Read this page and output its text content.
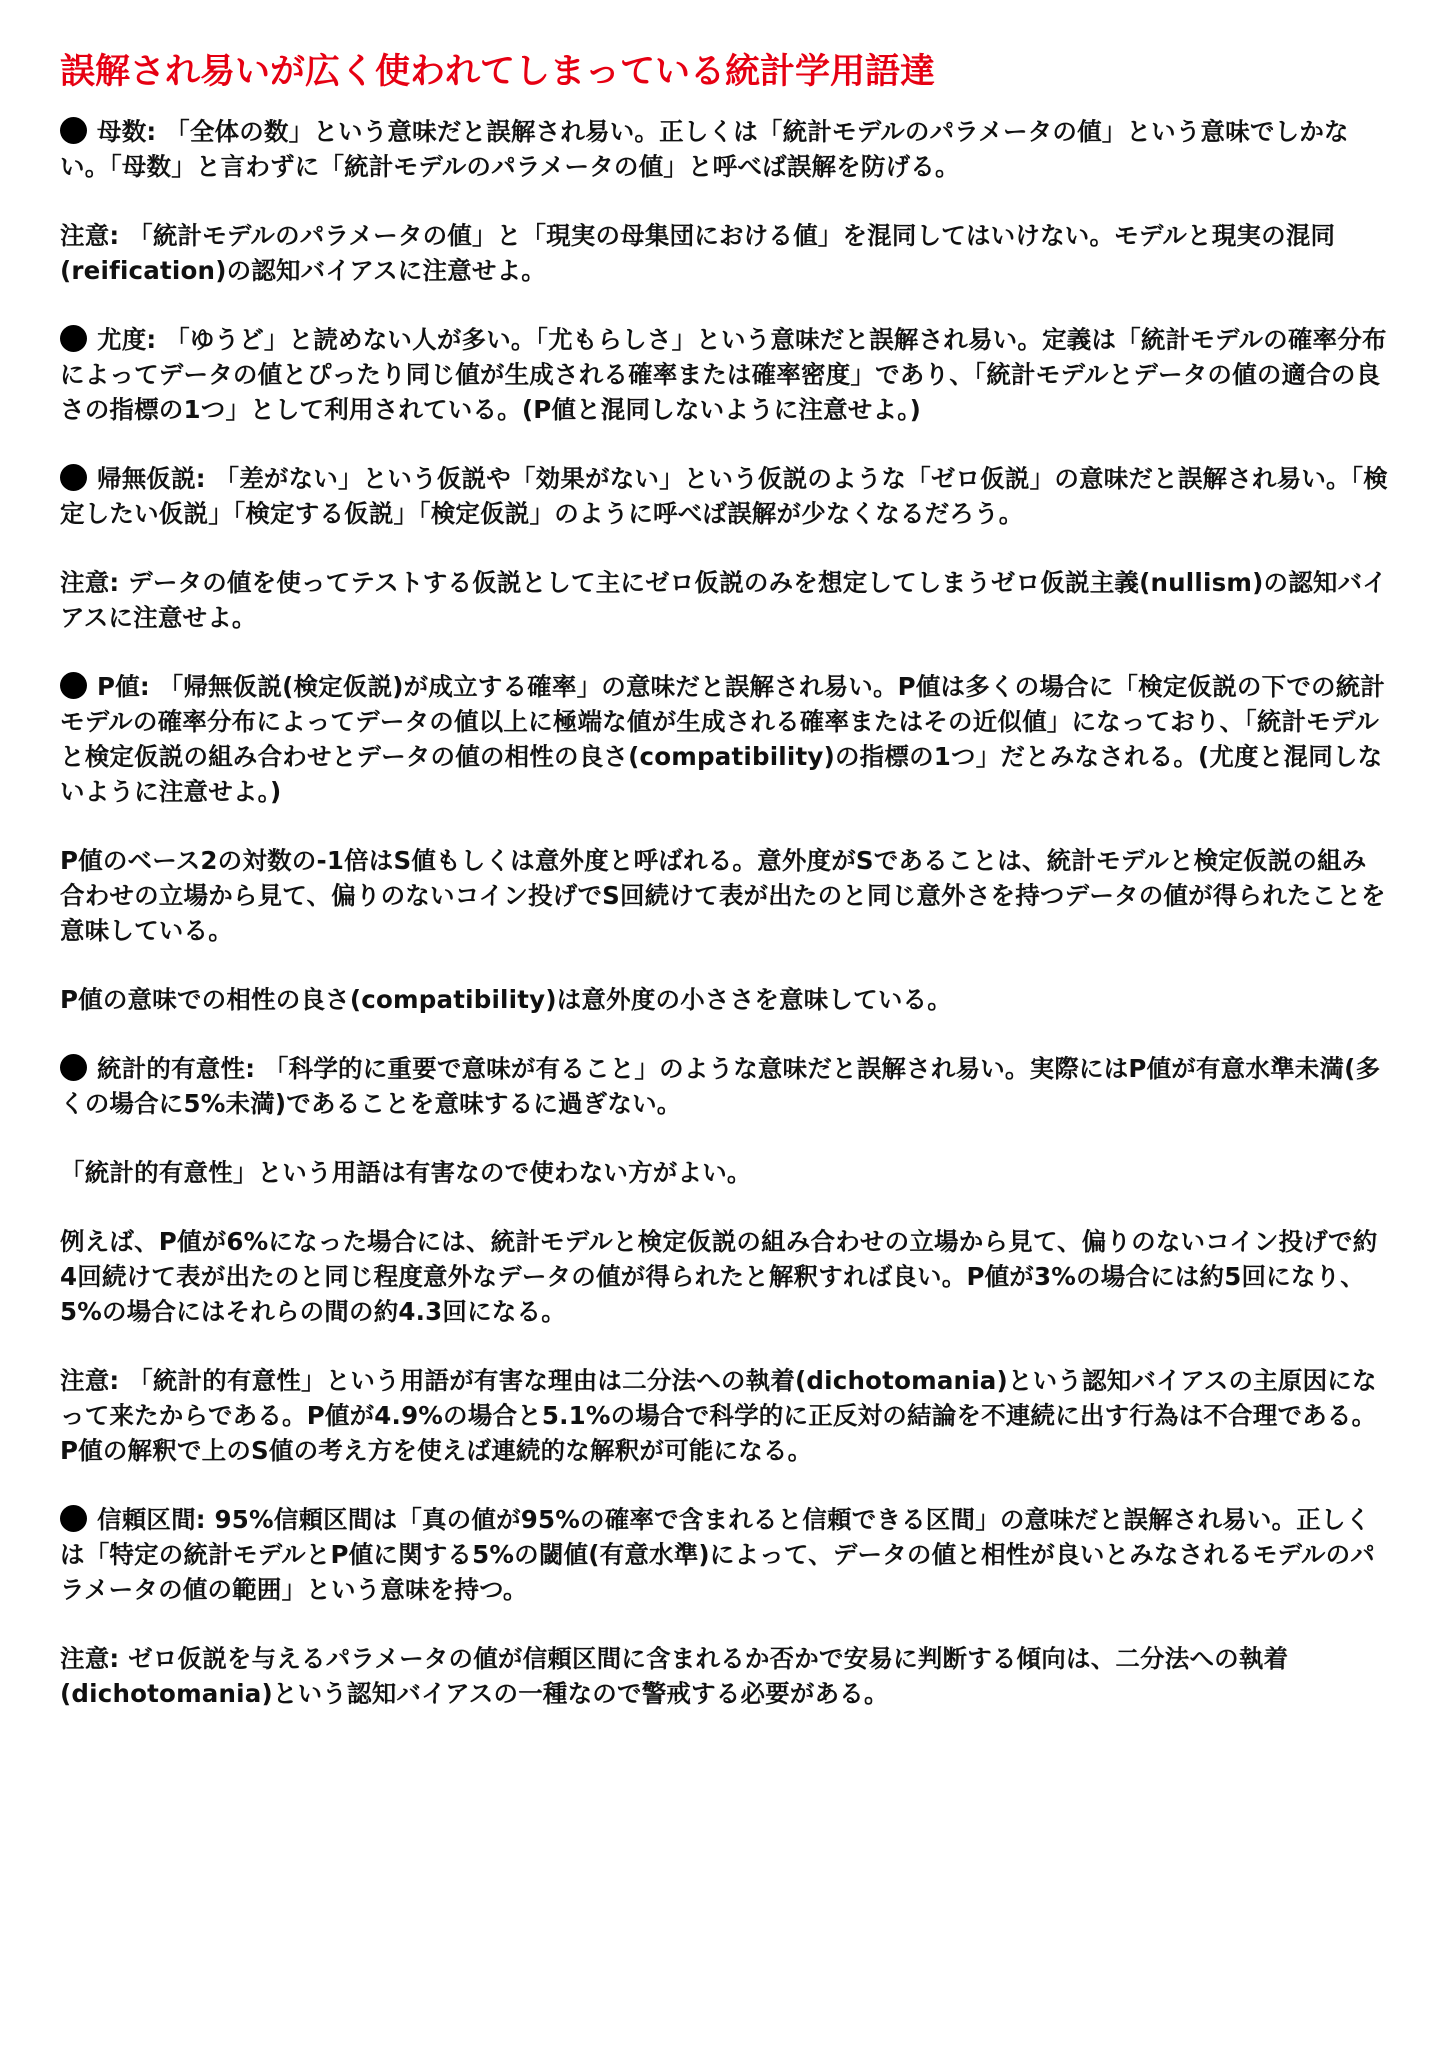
誤解され易いが広く使われてしまっている統計学用語達

母数: 「全体の数」という意味だと誤解され易い。正しくは「統計モデルのパラメータの値」という意味でしかない。「母数」と言わずに「統計モデルのパラメータの値」と呼べば誤解を防げる。

注意: 「統計モデルのパラメータの値」と「現実の母集団における値」を混同してはいけない。モデルと現実の混同(reification)の認知バイアスに注意せよ。

尤度: 「ゆうど」と読めない人が多い。「尤もらしさ」という意味だと誤解され易い。定義は「統計モデルの確率分布によってデータの値とぴったり同じ値が生成される確率または確率密度」であり、「統計モデルとデータの値の適合の良さの指標の1つ」として利用されている。(P値と混同しないように注意せよ。)

帰無仮説: 「差がない」という仮説や「効果がない」という仮説のような「ゼロ仮説」の意味だと誤解され易い。「検定したい仮説」「検定する仮説」「検定仮説」のように呼べば誤解が少なくなるだろう。

注意: データの値を使ってテストする仮説として主にゼロ仮説のみを想定してしまうゼロ仮説主義(nullism)の認知バイアスに注意せよ。

P値: 「帰無仮説(検定仮説)が成立する確率」の意味だと誤解され易い。P値は多くの場合に「検定仮説の下での統計モデルの確率分布によってデータの値以上に極端な値が生成される確率またはその近似値」になっており、「統計モデルと検定仮説の組み合わせとデータの値の相性の良さ(compatibility)の指標の1つ」だとみなされる。(尤度と混同しないように注意せよ。)

P値のベース2の対数の-1倍はS値もしくは意外度と呼ばれる。意外度がSであることは、統計モデルと検定仮説の組み合わせの立場から見て、偏りのないコイン投げでS回続けて表が出たのと同じ意外さを持つデータの値が得られたことを意味している。

P値の意味での相性の良さ(compatibility)は意外度の小ささを意味している。

統計的有意性: 「科学的に重要で意味が有ること」のような意味だと誤解され易い。実際にはP値が有意水準未満(多くの場合に5%未満)であることを意味するに過ぎない。

「統計的有意性」という用語は有害なので使わない方がよい。

例えば、P値が6%になった場合には、統計モデルと検定仮説の組み合わせの立場から見て、偏りのないコイン投げで約4回続けて表が出たのと同じ程度意外なデータの値が得られたと解釈すれば良い。P値が3%の場合には約5回になり、5%の場合にはそれらの間の約4.3回になる。

注意: 「統計的有意性」という用語が有害な理由は二分法への執着(dichotomania)という認知バイアスの主原因になって来たからである。P値が4.9%の場合と5.1%の場合で科学的に正反対の結論を不連続に出す行為は不合理である。P値の解釈で上のS値の考え方を使えば連続的な解釈が可能になる。

信頼区間: 95%信頼区間は「真の値が95%の確率で含まれると信頼できる区間」の意味だと誤解され易い。正しくは「特定の統計モデルとP値に関する5%の閾値(有意水準)によって、データの値と相性が良いとみなされるモデルのパラメータの値の範囲」という意味を持つ。

注意: ゼロ仮説を与えるパラメータの値が信頼区間に含まれるか否かで安易に判断する傾向は、二分法への執着(dichotomania)という認知バイアスの一種なので警戒する必要がある。
